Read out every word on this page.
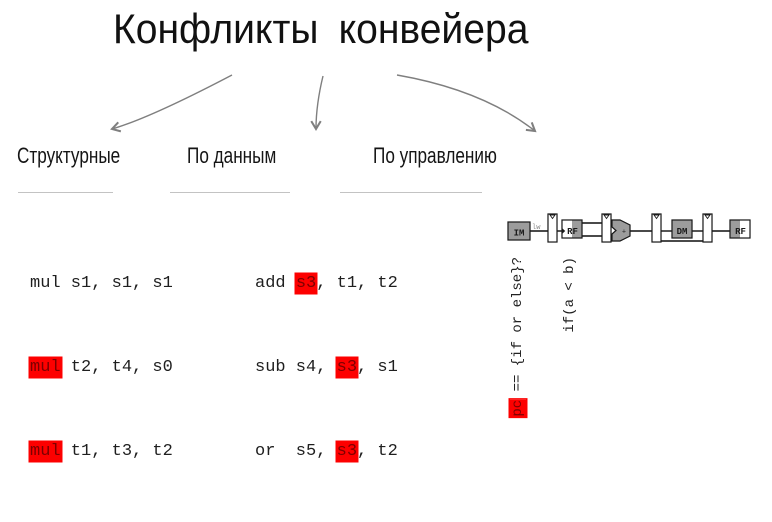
Конфликты конвейера
Структурные	По данным	По управлению

mul s1, s1, s1

mul t2, t4, s0

mul t1, t3, t2

add s3, t1, t2

sub s4, s3, s1

or  s5, s3, t2

IM
lw	RF	+	DM	RF
pc == {if or else}?	if(a < b)
